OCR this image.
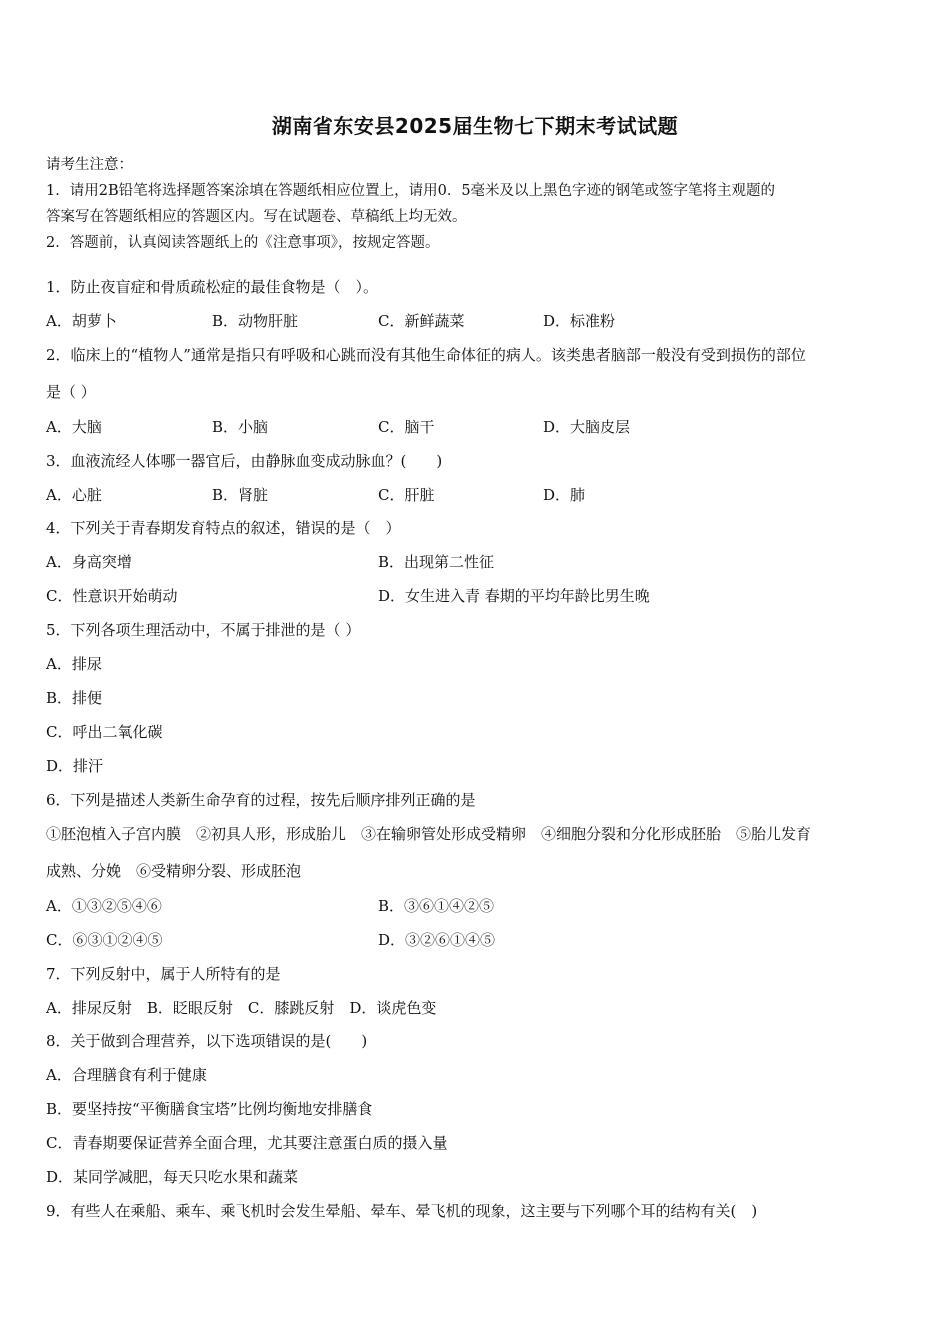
湖南省东安县2025届生物七下期末考试试题
请考生注意：
1．请用2B铅笔将选择题答案涂填在答题纸相应位置上，请用0．5毫米及以上黑色字迹的钢笔或签字笔将主观题的
答案写在答题纸相应的答题区内。写在试题卷、草稿纸上均无效。
2．答题前，认真阅读答题纸上的《注意事项》，按规定答题。
1．防止夜盲症和骨质疏松症的最佳食物是（　）。
A．胡萝卜	B．动物肝脏	C．新鲜蔬菜	D．标准粉
2．临床上的“植物人”通常是指只有呼吸和心跳而没有其他生命体征的病人。该类患者脑部一般没有受到损伤的部位
是（ ）
A．大脑	B．小脑	C．脑干	D．大脑皮层
3．血液流经人体哪一器官后，由静脉血变成动脉血？(　　)
A．心脏	B．肾脏	C．肝脏	D．肺
4．下列关于青春期发育特点的叙述，错误的是（　）
A．身高突增	B．出现第二性征
C．性意识开始萌动	D．女生进入青 春期的平均年龄比男生晚
5．下列各项生理活动中，不属于排泄的是（ ）
A．排尿
B．排便
C．呼出二氧化碳
D．排汗
6．下列是描述人类新生命孕育的过程，按先后顺序排列正确的是
①胚泡植入子宫内膜　②初具人形，形成胎儿　③在输卵管处形成受精卵　④细胞分裂和分化形成胚胎　⑤胎儿发育
成熟、分娩　⑥受精卵分裂、形成胚泡
A．①③②⑤④⑥	B．③⑥①④②⑤
C．⑥③①②④⑤	D．③②⑥①④⑤
7．下列反射中，属于人所特有的是
A．排尿反射　B．眨眼反射　C．膝跳反射　D．谈虎色变
8．关于做到合理营养，以下选项错误的是(　　)
A．合理膳食有利于健康
B．要坚持按“平衡膳食宝塔”比例均衡地安排膳食
C．青春期要保证营养全面合理，尤其要注意蛋白质的摄入量
D．某同学减肥，每天只吃水果和蔬菜
9．有些人在乘船、乘车、乘飞机时会发生晕船、晕车、晕飞机的现象，这主要与下列哪个耳的结构有关(　)
